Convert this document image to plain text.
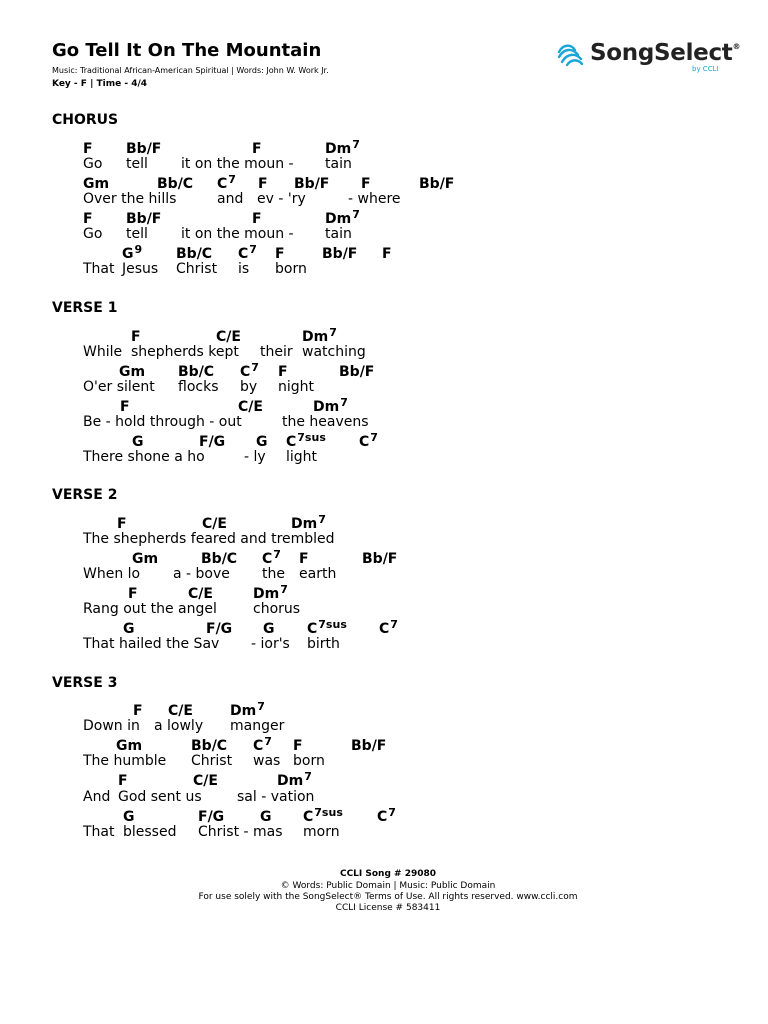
Go Tell It On The Mountain
Music: Traditional African-American Spiritual | Words: John W. Work Jr.
Key - F | Time - 4/4
SongSelect®
by CCLI
CHORUS
F Bb/F	F	Dm$^7$
Go tell it on the moun - tain
Gm	Bb/C $C^7$ F Bb/F F	Bb/F
Over the hills	and ev - 'ry	- where
F Bb/F	F	Dm$^7$
Go tell it on the moun - tain
$G^9$ Bb/C $C^7$ F	Bb/F F
That Jesus Christ is born
VERSE 1
F	C/E	Dm$^7$
While shepherds kept their watching
Gm Bb/C $C^7$ F	Bb/F
O'er silent flocks by night
F	C/E	Dm$^7$
Be - hold through - out	the heavens
G	F/G G $C^{7sus}$ $C^7$
There shone a ho	- ly light
VERSE 2
F	C/E	Dm$^7$
The shepherds feared and trembled
Gm	Bb/C $C^7$ F	Bb/F
When lo a - bove the earth
F	C/E	Dm$^7$
Rang out the angel	chorus
G	F/G G $C^{7sus}$ $C^7$
That hailed the Sav - ior's birth
VERSE 3
F C/E	Dm$^7$
Down in a lowly manger
Gm	Bb/C $C^7$ F	Bb/F
The humble Christ was born
F	C/E	Dm$^7$
And God sent us	sal - vation
G	F/G	G $C^{7sus}$ $C^7$
That blessed Christ - mas morn
CCLI Song # 29080
© Words: Public Domain | Music: Public Domain
For use solely with the SongSelect® Terms of Use. All rights reserved. www.ccli.com
CCLI License # 583411
